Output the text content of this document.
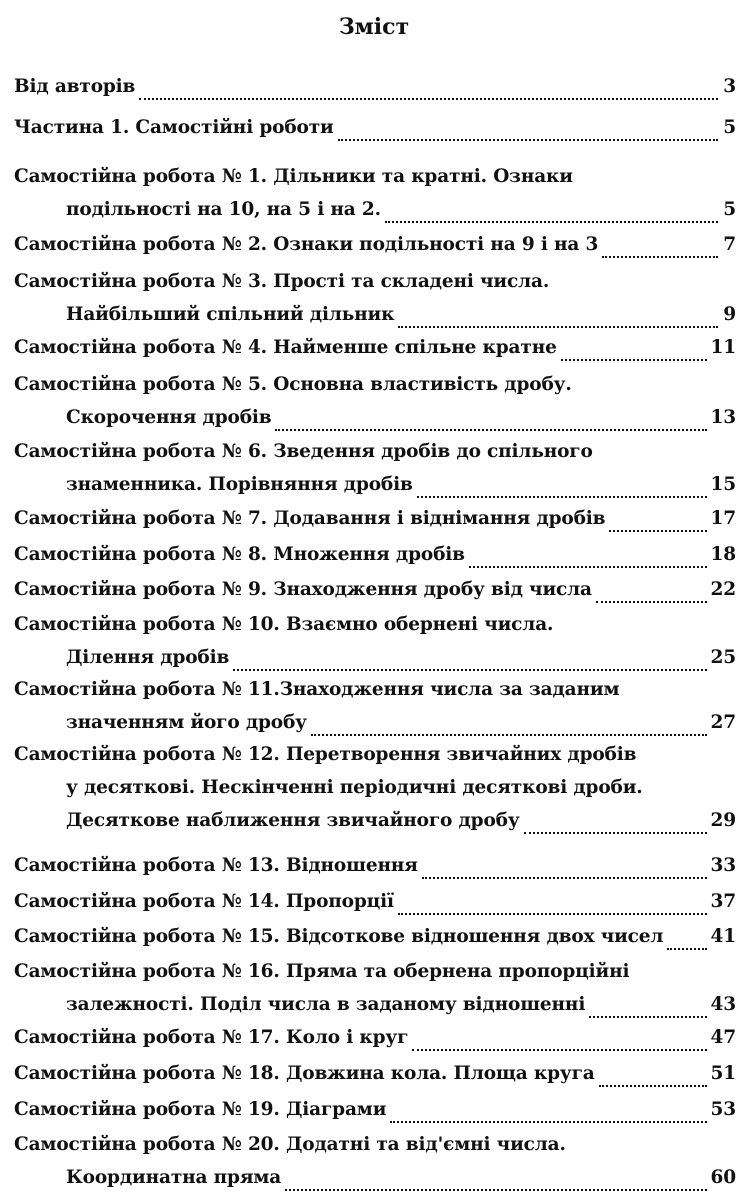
Зміст
Від авторів	3
Частина 1. Самостійні роботи	5
Самостійна робота № 1. Дільники та кратні. Ознаки
подільності на 10, на 5 і на 2.	5
Самостійна робота № 2. Ознаки подільності на 9 і на 3	7
Самостійна робота № 3. Прості та складені числа.
Найбільший спільний дільник	9
Самостійна робота № 4. Найменше спільне кратне	11
Самостійна робота № 5. Основна властивість дробу.
Скорочення дробів	13
Самостійна робота № 6. Зведення дробів до спільного
знаменника. Порівняння дробів	15
Самостійна робота № 7. Додавання і віднімання дробів	17
Самостійна робота № 8. Множення дробів	18
Самостійна робота № 9. Знаходження дробу від числа	22
Самостійна робота № 10. Взаємно обернені числа.
Ділення дробів	25
Самостійна робота № 11.Знаходження числа за заданим
значенням його дробу	27
Самостійна робота № 12. Перетворення звичайних дробів
у десяткові. Нескінченні періодичні десяткові дроби.
Десяткове наближення звичайного дробу	29
Самостійна робота № 13. Відношення	33
Самостійна робота № 14. Пропорції	37
Самостійна робота № 15. Відсоткове відношення двох чисел	41
Самостійна робота № 16. Пряма та обернена пропорційні
залежності. Поділ числа в заданому відношенні	43
Самостійна робота № 17. Коло і круг	47
Самостійна робота № 18. Довжина кола. Площа круга	51
Самостійна робота № 19. Діаграми	53
Самостійна робота № 20. Додатні та від'ємні числа.
Координатна пряма	60
